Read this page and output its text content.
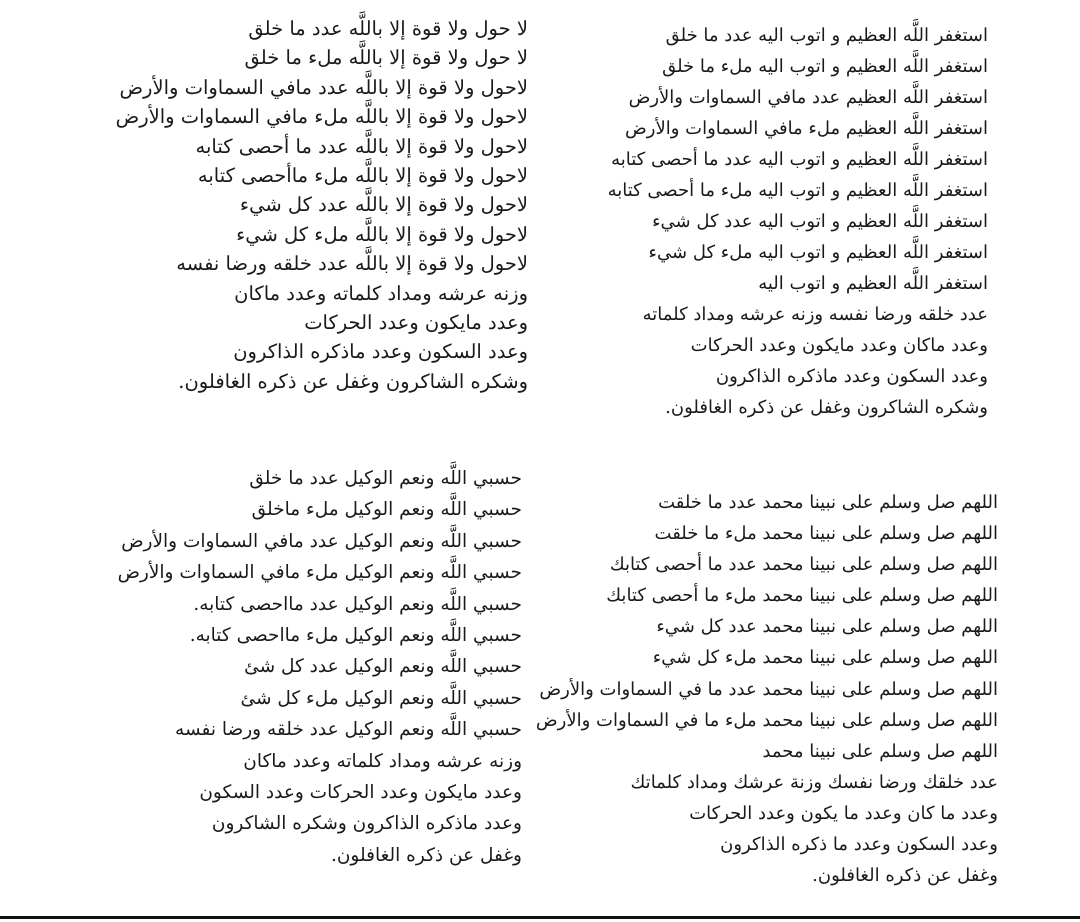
لا حول ولا قوة إلا باللَّه عدد ما خلق
لا حول ولا قوة إلا باللَّه ملء ما خلق
لاحول ولا قوة إلا باللَّه عدد مافي السماوات والأرض
لاحول ولا قوة إلا باللَّه ملء مافي السماوات والأرض
لاحول ولا قوة إلا باللَّه عدد ما أحصى كتابه
لاحول ولا قوة إلا باللَّه ملء ماأحصى كتابه
لاحول ولا قوة إلا باللَّه عدد كل شيء
لاحول ولا قوة إلا باللَّه ملء كل شيء
لاحول ولا قوة إلا باللَّه عدد خلقه ورضا نفسه
وزنه عرشه ومداد كلماته وعدد ماكان
وعدد مايكون وعدد الحركات
وعدد السكون وعدد ماذكره الذاكرون
وشكره الشاكرون وغفل عن ذكره الغافلون.
استغفر اللَّه العظيم و اتوب اليه عدد ما خلق
استغفر اللَّه العظيم و اتوب اليه ملء ما خلق
استغفر اللَّه العظيم عدد مافي السماوات والأرض
استغفر اللَّه العظيم ملء مافي السماوات والأرض
استغفر اللَّه العظيم و اتوب اليه عدد ما أحصى كتابه
استغفر اللَّه العظيم و اتوب اليه ملء ما أحصى كتابه
استغفر اللَّه العظيم و اتوب اليه عدد كل شيء
استغفر اللَّه العظيم و اتوب اليه ملء كل شيء
استغفر اللَّه العظيم و اتوب اليه
عدد خلقه ورضا نفسه وزنه عرشه ومداد كلماته
وعدد ماكان وعدد مايكون وعدد الحركات
وعدد السكون وعدد ماذكره الذاكرون
وشكره الشاكرون وغفل عن ذكره الغافلون.
حسبي اللَّه ونعم الوكيل عدد ما خلق
حسبي اللَّه ونعم الوكيل ملء ماخلق
حسبي اللَّه ونعم الوكيل عدد مافي السماوات والأرض
حسبي اللَّه ونعم الوكيل ملء مافي السماوات والأرض
حسبي اللَّه ونعم الوكيل عدد مااحصى كتابه.
حسبي اللَّه ونعم الوكيل ملء مااحصى كتابه.
حسبي اللَّه ونعم الوكيل عدد كل شئ
حسبي اللَّه ونعم الوكيل ملء كل شئ
حسبي اللَّه ونعم الوكيل عدد خلقه ورضا نفسه
وزنه عرشه ومداد كلماته وعدد ماكان
وعدد مايكون وعدد الحركات وعدد السكون
وعدد ماذكره الذاكرون وشكره الشاكرون
وغفل عن ذكره الغافلون.
اللهم صل وسلم على نبينا محمد عدد ما خلقت
اللهم صل وسلم على نبينا محمد ملء ما خلقت
اللهم صل وسلم على نبينا محمد عدد ما أحصى كتابك
اللهم صل وسلم على نبينا محمد ملء ما أحصى كتابك
اللهم صل وسلم على نبينا محمد عدد كل شيء
اللهم صل وسلم على نبينا محمد ملء كل شيء
اللهم صل وسلم على نبينا محمد عدد ما في السماوات والأرض
اللهم صل وسلم على نبينا محمد ملء ما في السماوات والأرض
اللهم صل وسلم على نبينا محمد
عدد خلقك ورضا نفسك وزنة عرشك ومداد كلماتك
وعدد ما كان وعدد ما يكون وعدد الحركات
وعدد السكون وعدد ما ذكره الذاكرون
وغفل عن ذكره الغافلون.
